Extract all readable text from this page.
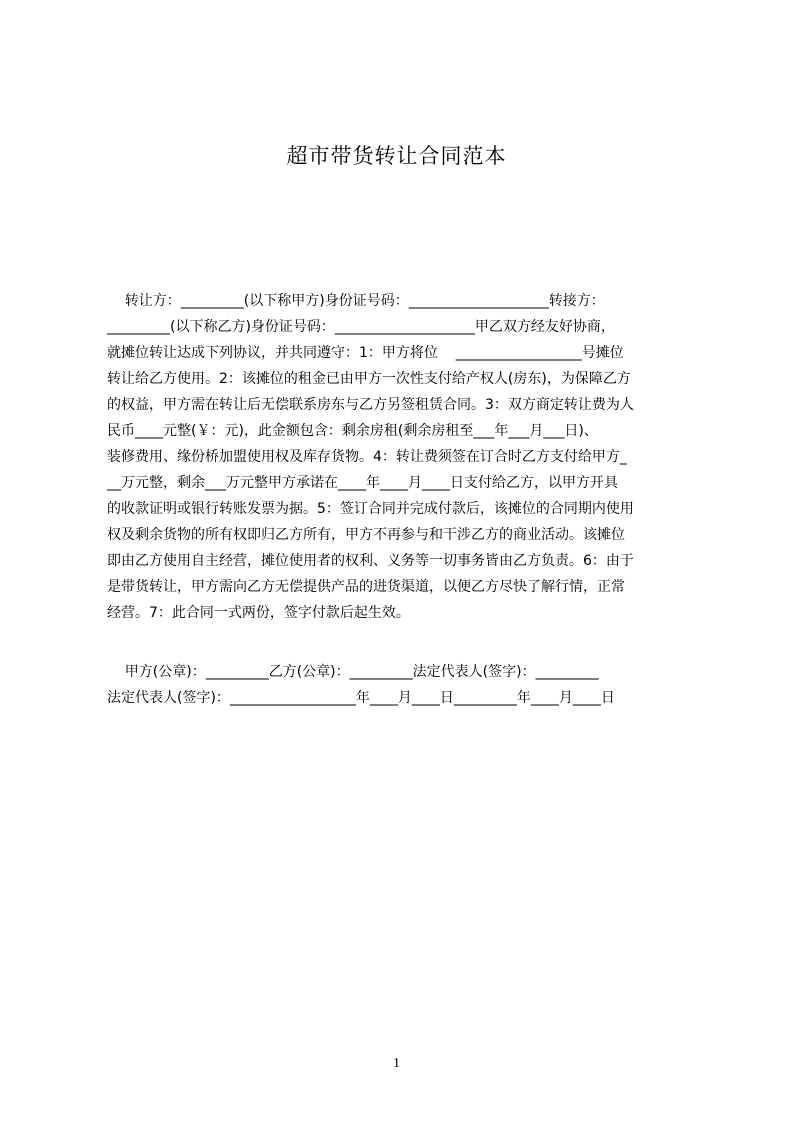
超市带货转让合同范本
转让方：_________(以下称甲方)身份证号码：____________________转接方：
_________(以下称乙方)身份证号码：____________________甲乙双方经友好协商，
就摊位转让达成下列协议，并共同遵守：1：甲方将位    __________________号摊位
转让给乙方使用。2：该摊位的租金已由甲方一次性支付给产权人(房东)，为保障乙方
的权益，甲方需在转让后无偿联系房东与乙方另签租赁合同。3：双方商定转让费为人
民币____元整(￥：元)，此金额包含：剩余房租(剩余房租至___年___月___日)、
装修费用、缘份桥加盟使用权及库存货物。4：转让费须签在订合时乙方支付给甲方_
__万元整，剩余___万元整甲方承诺在____年____月____日支付给乙方，以甲方开具
的收款证明或银行转账发票为据。5：签订合同并完成付款后，该摊位的合同期内使用
权及剩余货物的所有权即归乙方所有，甲方不再参与和干涉乙方的商业活动。该摊位
即由乙方使用自主经营，摊位使用者的权利、义务等一切事务皆由乙方负责。6：由于
是带货转让，甲方需向乙方无偿提供产品的进货渠道，以便乙方尽快了解行情，正常
经营。7：此合同一式两份，签字付款后起生效。
甲方(公章)：_________乙方(公章)：_________法定代表人(签字)：_________
法定代表人(签字)：__________________年____月____日_________年____月____日
1
